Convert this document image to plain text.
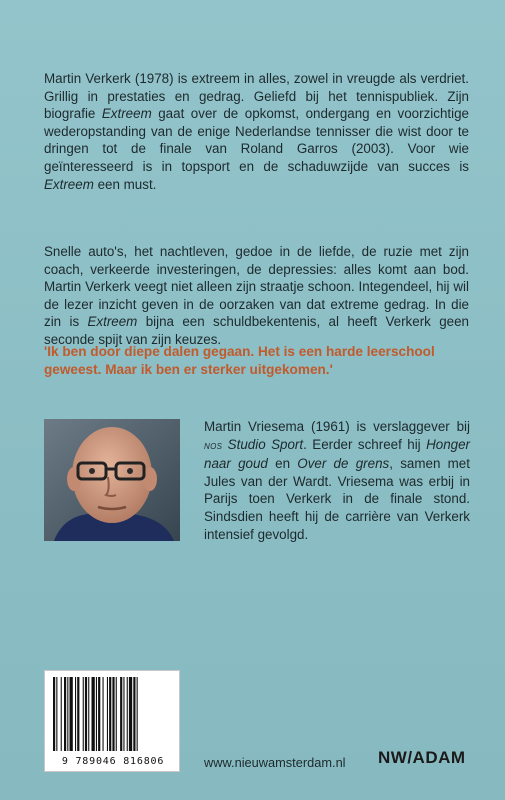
Martin Verkerk (1978) is extreem in alles, zowel in vreugde als verdriet. Grillig in prestaties en gedrag. Geliefd bij het tennispubliek. Zijn biografie Extreem gaat over de opkomst, ondergang en voorzichtige wederopstanding van de enige Nederlandse tennisser die wist door te dringen tot de finale van Roland Garros (2003). Voor wie geïnteresseerd is in topsport en de schaduwzijde van succes is Extreem een must.

Snelle auto's, het nachtleven, gedoe in de liefde, de ruzie met zijn coach, verkeerde investeringen, de depressies: alles komt aan bod. Martin Verkerk veegt niet alleen zijn straatje schoon. Integendeel, hij wil de lezer inzicht geven in de oorzaken van dat extreme gedrag. In die zin is Extreem bijna een schuldbekentenis, al heeft Verkerk geen seconde spijt van zijn keuzes.

'Ik ben door diepe dalen gegaan. Het is een harde leerschool geweest. Maar ik ben er sterker uitgekomen.'

Martin Vriesema (1961) is verslaggever bij nos Studio Sport. Eerder schreef hij Honger naar goud en Over de grens, samen met Jules van der Wardt. Vriesema was erbij in Parijs toen Verkerk in de finale stond. Sindsdien heeft hij de carrière van Verkerk intensief gevolgd.

9 789046 816806	www.nieuwamsterdam.nl NW/ADAM
